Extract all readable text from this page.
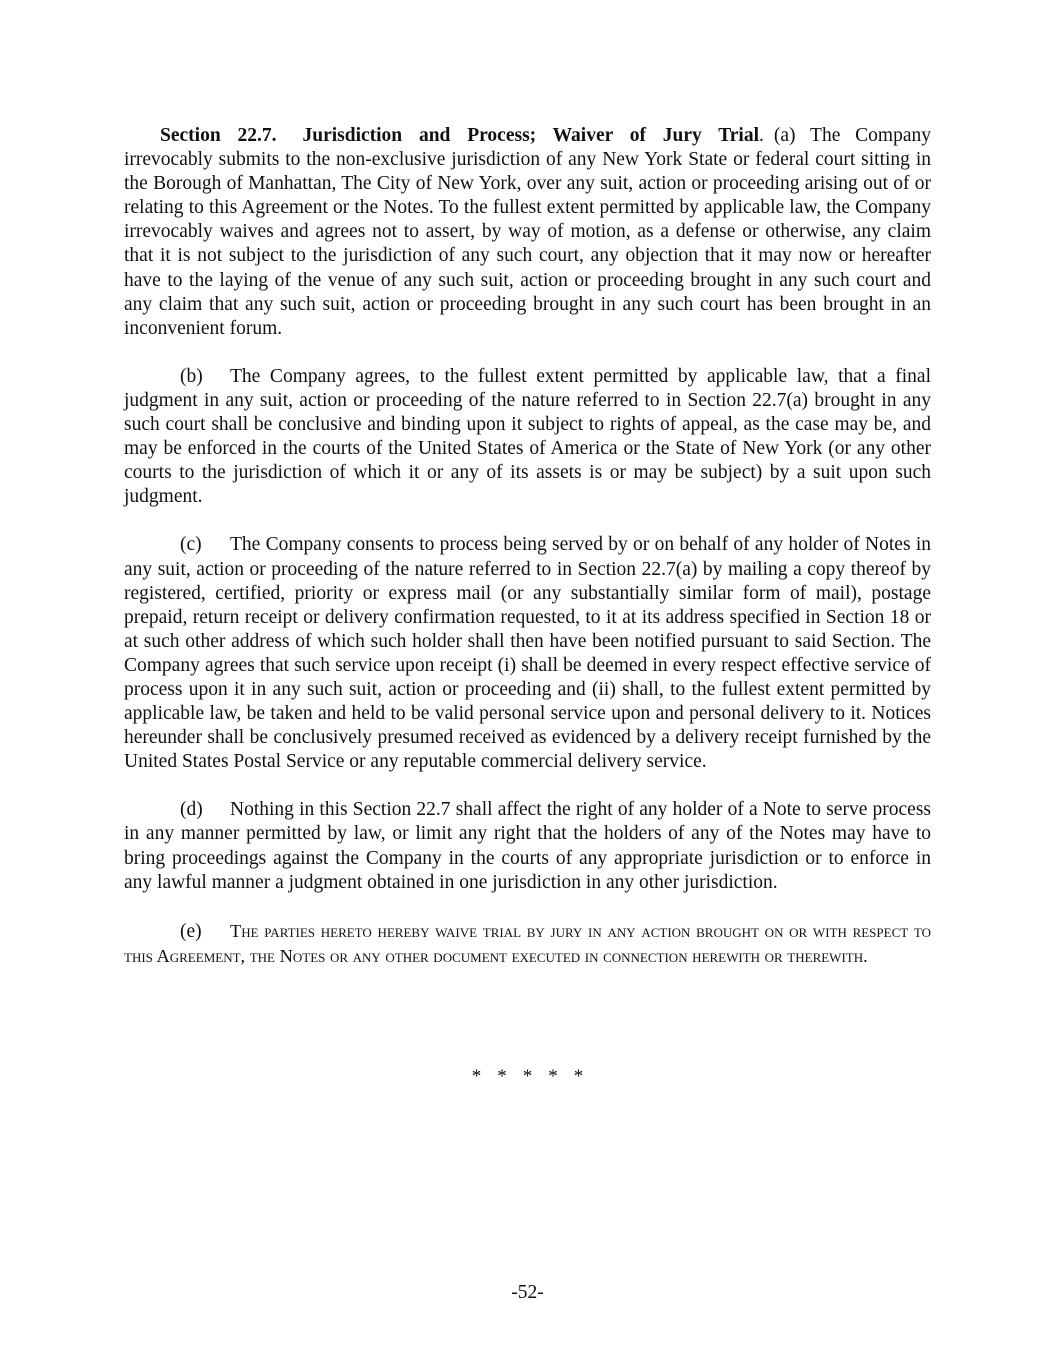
Section 22.7. Jurisdiction and Process; Waiver of Jury Trial. (a) The Company irrevocably submits to the non-exclusive jurisdiction of any New York State or federal court sitting in the Borough of Manhattan, The City of New York, over any suit, action or proceeding arising out of or relating to this Agreement or the Notes. To the fullest extent permitted by applicable law, the Company irrevocably waives and agrees not to assert, by way of motion, as a defense or otherwise, any claim that it is not subject to the jurisdiction of any such court, any objection that it may now or hereafter have to the laying of the venue of any such suit, action or proceeding brought in any such court and any claim that any such suit, action or proceeding brought in any such court has been brought in an inconvenient forum.

(b) The Company agrees, to the fullest extent permitted by applicable law, that a final judgment in any suit, action or proceeding of the nature referred to in Section 22.7(a) brought in any such court shall be conclusive and binding upon it subject to rights of appeal, as the case may be, and may be enforced in the courts of the United States of America or the State of New York (or any other courts to the jurisdiction of which it or any of its assets is or may be subject) by a suit upon such judgment.

(c) The Company consents to process being served by or on behalf of any holder of Notes in any suit, action or proceeding of the nature referred to in Section 22.7(a) by mailing a copy thereof by registered, certified, priority or express mail (or any substantially similar form of mail), postage prepaid, return receipt or delivery confirmation requested, to it at its address specified in Section 18 or at such other address of which such holder shall then have been notified pursuant to said Section. The Company agrees that such service upon receipt (i) shall be deemed in every respect effective service of process upon it in any such suit, action or proceeding and (ii) shall, to the fullest extent permitted by applicable law, be taken and held to be valid personal service upon and personal delivery to it. Notices hereunder shall be conclusively presumed received as evidenced by a delivery receipt furnished by the United States Postal Service or any reputable commercial delivery service.

(d) Nothing in this Section 22.7 shall affect the right of any holder of a Note to serve process in any manner permitted by law, or limit any right that the holders of any of the Notes may have to bring proceedings against the Company in the courts of any appropriate jurisdiction or to enforce in any lawful manner a judgment obtained in one jurisdiction in any other jurisdiction.

(e) The parties hereto hereby waive trial by jury in any action brought on or with respect to this Agreement, the Notes or any other document executed in connection herewith or therewith.

* * * * *
-52-
